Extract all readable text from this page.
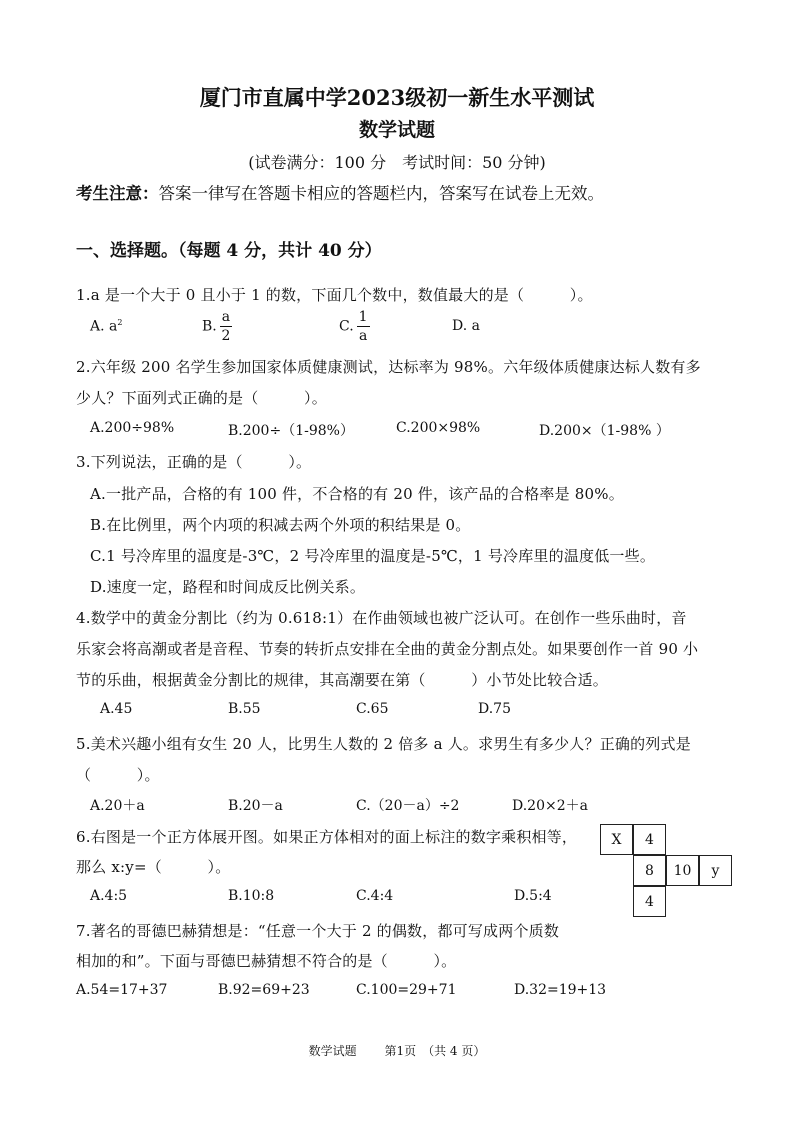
厦门市直属中学2023级初一新生水平测试
数学试题
(试卷满分：100 分　考试时间：50 分钟)
考生注意：答案一律写在答题卡相应的答题栏内，答案写在试卷上无效。
一、选择题。（每题 4 分，共计 40 分）
1.a 是一个大于 0 且小于 1 的数，下面几个数中，数值最大的是（　　　）。
A. $a^2$	B. $\frac{a}{2}$	C. $\frac{1}{a}$	D. a
2.六年级 200 名学生参加国家体质健康测试，达标率为 98%。六年级体质健康达标人数有多
少人？下面列式正确的是（　　　）。
A.200÷98%	B.200÷（1-98%）	C.200×98%	D.200×（1-98% ）
3.下列说法，正确的是（　　　）。
A.一批产品，合格的有 100 件，不合格的有 20 件，该产品的合格率是 80%。
B.在比例里，两个内项的积减去两个外项的积结果是 0。
C.1 号冷库里的温度是-3℃，2 号冷库里的温度是-5℃，1 号冷库里的温度低一些。
D.速度一定，路程和时间成反比例关系。
4.数学中的黄金分割比（约为 0.618:1）在作曲领域也被广泛认可。在创作一些乐曲时，音
乐家会将高潮或者是音程、节奏的转折点安排在全曲的黄金分割点处。如果要创作一首 90 小
节的乐曲，根据黄金分割比的规律，其高潮要在第（　　　）小节处比较合适。
A.45	B.55	C.65	D.75
5.美术兴趣小组有女生 20 人，比男生人数的 2 倍多 a 人。求男生有多少人？正确的列式是
（　　　）。
A.20＋a	B.20－a	C.（20－a）÷2	D.20×2＋a
6.右图是一个正方体展开图。如果正方体相对的面上标注的数字乘积相等，
那么 x:y=（　　　）。
A.4:5	B.10:8	C.4:4	D.5:4
X	4
8	10	y
4
7.著名的哥德巴赫猜想是：“任意一个大于 2 的偶数，都可写成两个质数
相加的和”。下面与哥德巴赫猜想不符合的是（　　　）。
A.54=17+37	B.92=69+23	C.100=29+71	D.32=19+13
数学试题　　 第1页　（共 4 页）
